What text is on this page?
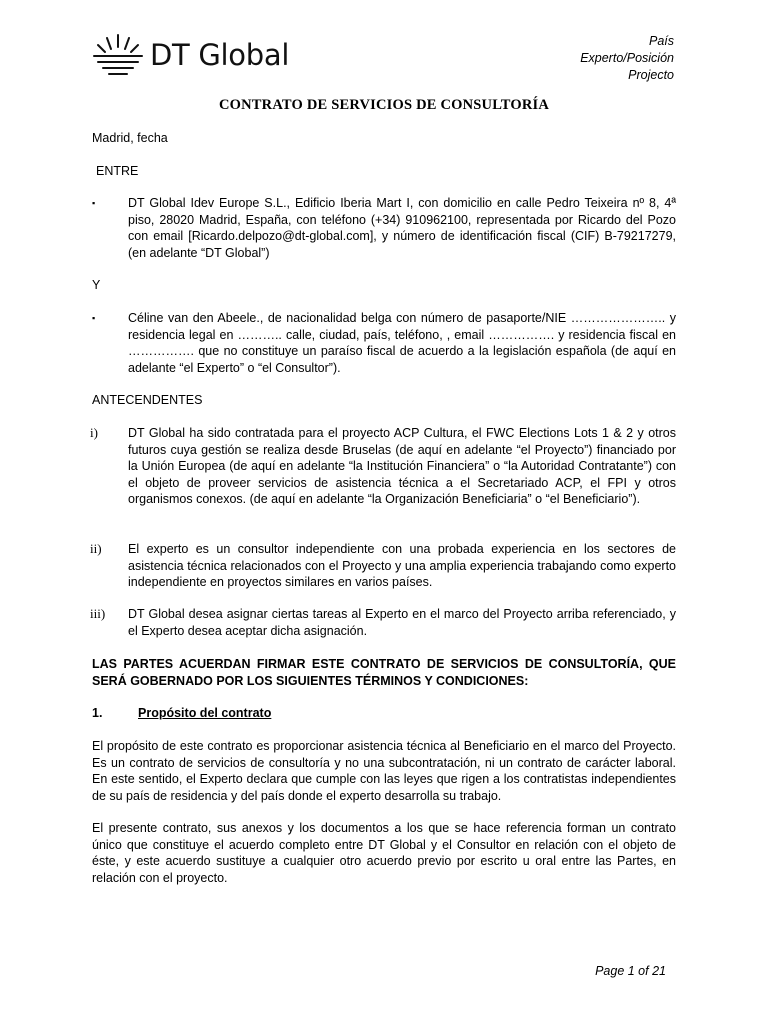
DT Global	País
Experto/Posición
Projecto
CONTRATO DE SERVICIOS DE CONSULTORÍA
Madrid, fecha
ENTRE
▪	DT Global Idev Europe S.L., Edificio Iberia Mart I, con domicilio en calle Pedro Teixeira nº 8, 4ª piso, 28020 Madrid, España, con teléfono (+34) 910962100, representada por Ricardo del Pozo con email [Ricardo.delpozo@dt-global.com], y número de identificación fiscal (CIF) B-79217279, (en adelante “DT Global”)
Y
▪	Céline van den Abeele., de nacionalidad belga con número de pasaporte/NIE ………………….. y residencia legal en ……….. calle, ciudad, país, teléfono, , email ……………. y residencia fiscal en ……………. que no constituye un paraíso fiscal de acuerdo a la legislación española (de aquí en adelante “el Experto” o “el Consultor”).
ANTECENDENTES
i) DT Global ha sido contratada para el proyecto ACP Cultura, el FWC Elections Lots 1 & 2 y otros futuros cuya gestión se realiza desde Bruselas (de aquí en adelante “el Proyecto”) financiado por la Unión Europea (de aquí en adelante “la Institución Financiera” o “la Autoridad Contratante”) con el objeto de proveer servicios de asistencia técnica a el Secretariado ACP, el FPI y otros organismos conexos. (de aquí en adelante “la Organización Beneficiaria” o “el Beneficiario”).
ii) El experto es un consultor independiente con una probada experiencia en los sectores de asistencia técnica relacionados con el Proyecto y una amplia experiencia trabajando como experto independiente en proyectos similares en varios países.
iii) DT Global desea asignar ciertas tareas al Experto en el marco del Proyecto arriba referenciado, y el Experto desea aceptar dicha asignación.
LAS PARTES ACUERDAN FIRMAR ESTE CONTRATO DE SERVICIOS DE CONSULTORÍA, QUE SERÁ GOBERNADO POR LOS SIGUIENTES TÉRMINOS Y CONDICIONES:
1.	Propósito del contrato
El propósito de este contrato es proporcionar asistencia técnica al Beneficiario en el marco del Proyecto. Es un contrato de servicios de consultoría y no una subcontratación, ni un contrato de carácter laboral. En este sentido, el Experto declara que cumple con las leyes que rigen a los contratistas independientes de su país de residencia y del país donde el experto desarrolla su trabajo.
El presente contrato, sus anexos y los documentos a los que se hace referencia forman un contrato único que constituye el acuerdo completo entre DT Global y el Consultor en relación con el objeto de éste, y este acuerdo sustituye a cualquier otro acuerdo previo por escrito u oral entre las Partes, en relación con el proyecto.
Page 1 of 21
